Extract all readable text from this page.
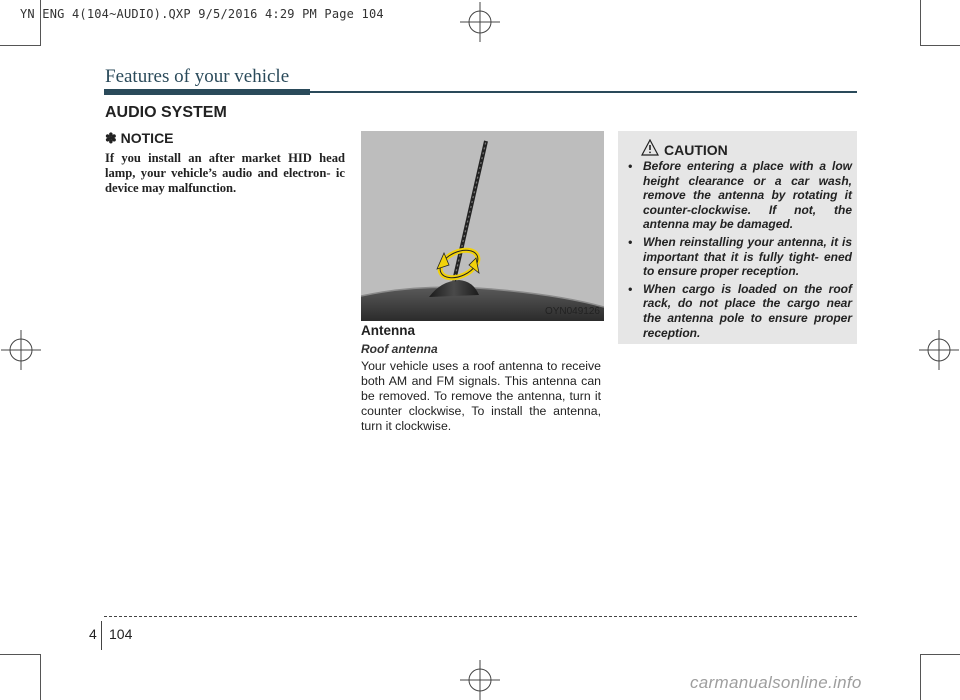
YN ENG 4(104~AUDIO).QXP 9/5/2016 4:29 PM Page 104
Features of your vehicle
AUDIO SYSTEM
✽ NOTICE
If you install an after market HID head lamp, your vehicle’s audio and electron- ic device may malfunction.
OYN049126
Antenna
Roof antenna
Your vehicle uses a roof antenna to receive both AM and FM signals. This antenna can be removed. To remove the antenna, turn it counter clockwise, To install the antenna, turn it clockwise.
CAUTION
• Before entering a place with a low height clearance or a car wash, remove the antenna by rotating it counter-clockwise. If not, the antenna may be damaged.
• When reinstalling your antenna, it is important that it is fully tight- ened to ensure proper reception.
• When cargo is loaded on the roof rack, do not place the cargo near the antenna pole to ensure proper reception.
4 104
carmanualsonline.info
